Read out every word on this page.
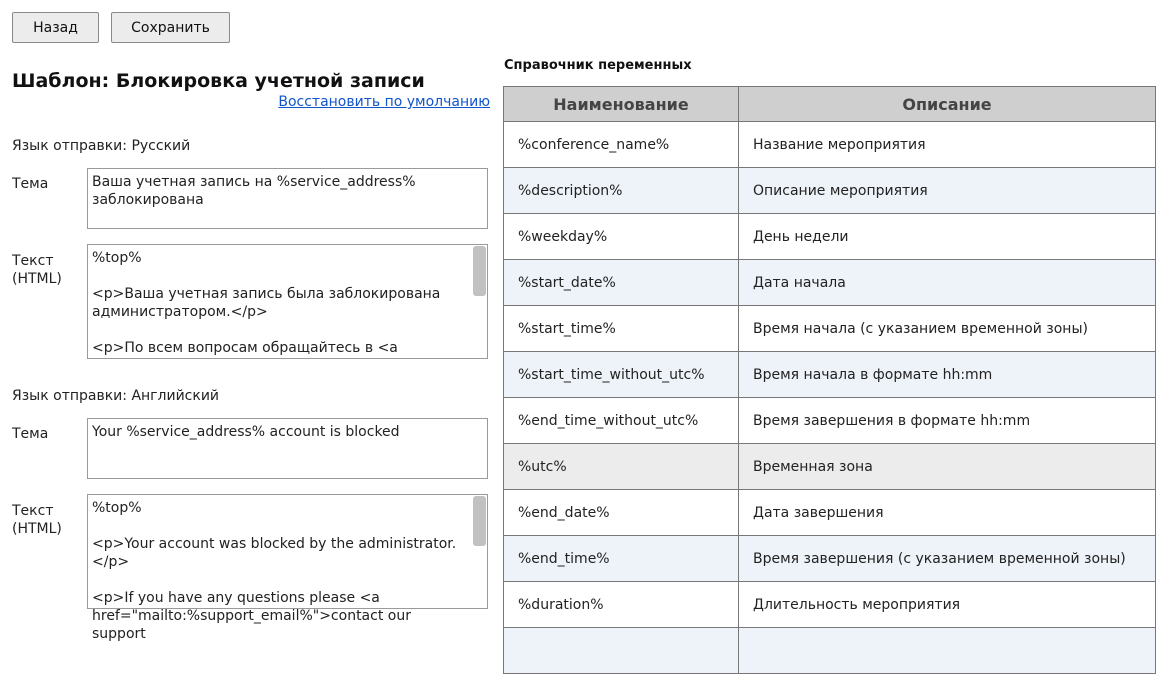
Назад	Сохранить
Шаблон: Блокировка учетной записи
Восстановить по умолчанию
Язык отправки: Русский
Тема	Ваша учетная запись на %service_address%
заблокирована
Текст
(HTML)
%top%

<p>Ваша учетная запись была заблокирована
администратором.</p>

<p>По всем вопросам обращайтесь в <a
Язык отправки: Английский
Тема	Your %service_address% account is blocked
Текст
(HTML)
%top%

<p>Your account was blocked by the administrator.</p>

<p>If you have any questions please <a
href="mailto:%support_email%">contact our support
Справочник переменных
Наименование	Описание
%conference_name%	Название мероприятия
%description%	Описание мероприятия
%weekday%	День недели
%start_date%	Дата начала
%start_time%	Время начала (с указанием временной зоны)
%start_time_without_utc%	Время начала в формате hh:mm
%end_time_without_utc%	Время завершения в формате hh:mm
%utc%	Временная зона
%end_date%	Дата завершения
%end_time%	Время завершения (с указанием временной зоны)
%duration%	Длительность мероприятия
